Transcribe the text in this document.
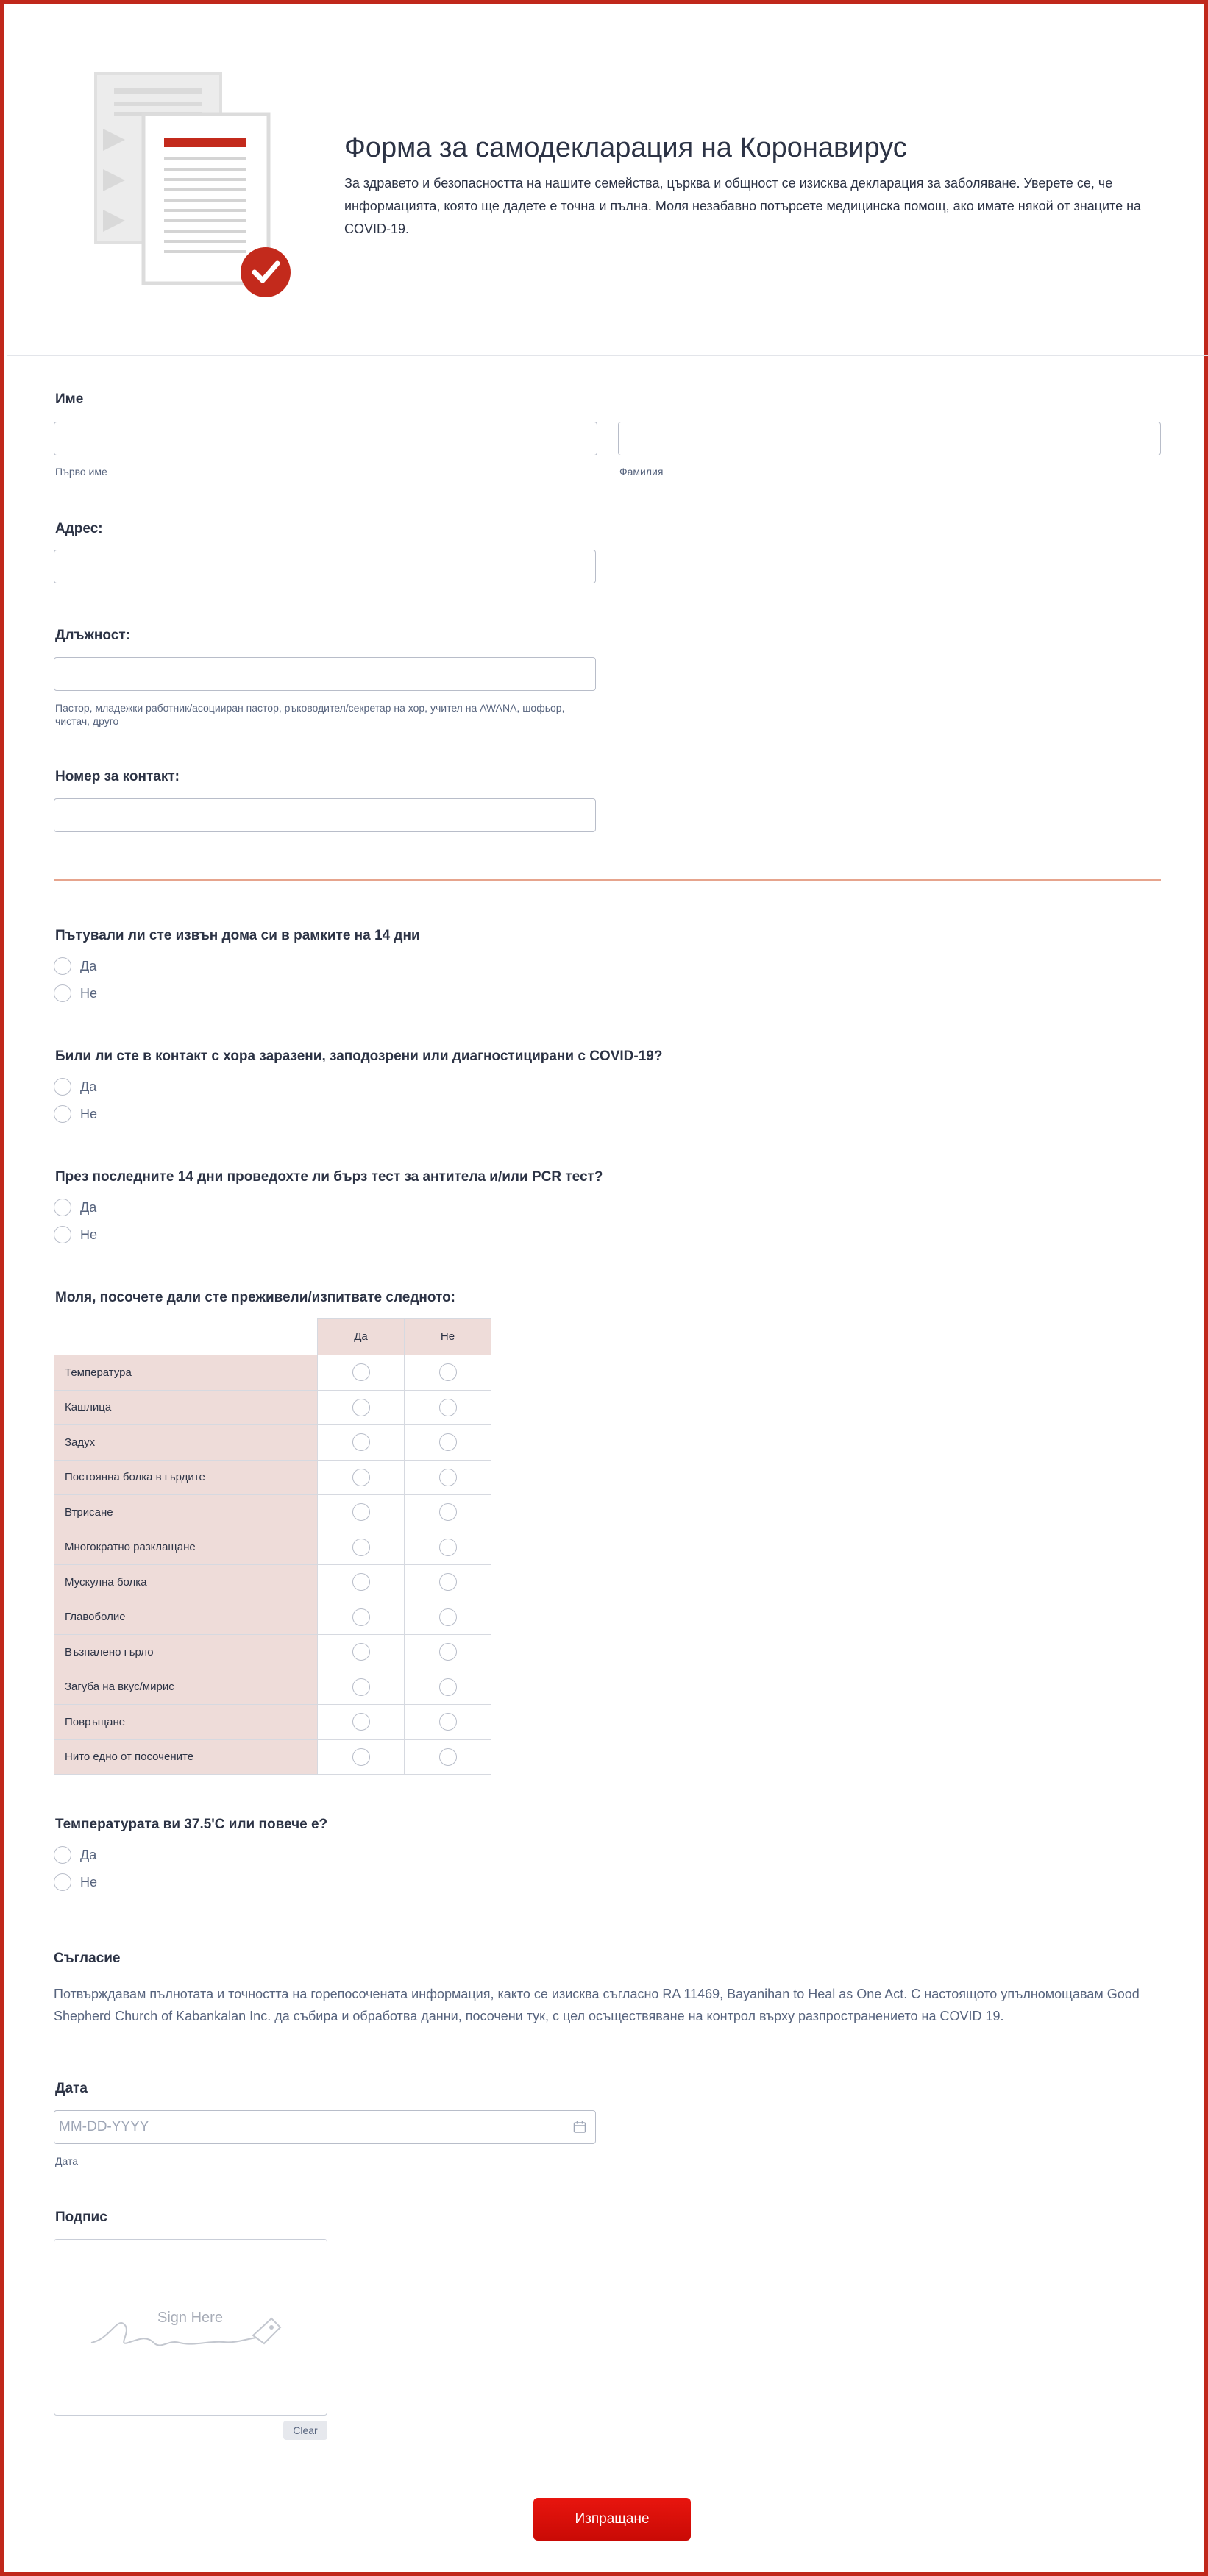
Форма за самодекларация на Коронавирус
За здравето и безопасността на нашите семейства, църква и общност се изисква декларация за заболяване. Уверете се, че информацията, която ще дадете е точна и пълна. Моля незабавно потърсете медицинска помощ, ако имате някой от знаците на COVID-19.
Име
Първо име	Фамилия
Адрес:
Длъжност:
Пастор, младежки работник/асоцииран пастор, ръководител/секретар на хор, учител на AWANA, шофьор, чистач, друго
Номер за контакт:
Пътували ли сте извън дома си в рамките на 14 дни
Да
Не
Били ли сте в контакт с хора заразени, заподозрени или диагностицирани с COVID-19?
Да
Не
През последните 14 дни проведохте ли бърз тест за антитела и/или PCR тест?
Да
Не
Моля, посочете дали сте преживели/изпитвате следното:
	Да	Не
Температура		
Кашлица		
Задух		
Постоянна болка в гърдите		
Втрисане		
Многократно разклащане		
Мускулна болка		
Главоболие		
Възпалено гърло		
Загуба на вкус/мирис		
Повръщане		
Нито едно от посочените		
Температурата ви 37.5'С или повече е?
Да
Не
Съгласие
Потвърждавам пълнотата и точността на горепосочената информация, както се изисква съгласно RA 11469, Bayanihan to Heal as One Act. С настоящото упълномощавам Good Shepherd Church of Kabankalan Inc. да събира и обработва данни, посочени тук, с цел осъществяване на контрол върху разпространението на COVID 19.
Дата
MM-DD-YYYY
Дата
Подпис
Sign Here
Clear
Изпращане
